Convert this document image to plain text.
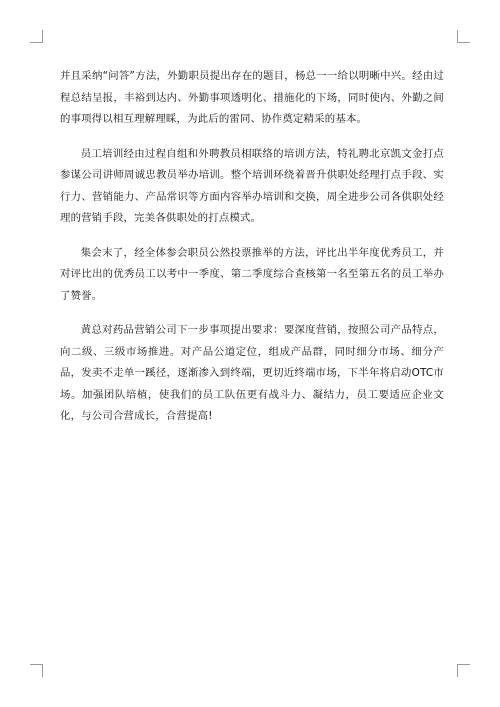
并且采纳“问答”方法，外勤职员提出存在的题目，杨总一一给以明晰中兴。经由过程总结呈报，丰裕到达内、外勤事项透明化、措施化的下场，同时使内、外勤之间的事项得以相互理解理睬，为此后的雷同、协作奠定精采的基本。

员工培训经由过程自组和外聘教员相联络的培训方法，特礼聘北京凯文金打点参谋公司讲师周诚忠教员举办培训。整个培训环绕着晋升供职处经理打点手段、实行力、营销能力、产品常识等方面内容举办培训和交换，周全进步公司各供职处经理的营销手段，完美各供职处的打点模式。

集会末了，经全体参会职员公然投票推举的方法，评比出半年度优秀员工，并对评比出的优秀员工以考中一季度、第二季度综合查核第一名至第五名的员工举办了赞誉。

黄总对药品营销公司下一步事项提出要求：要深度营销，按照公司产品特点，向二级、三级市场推进。对产品公道定位，组成产品群，同时细分市场、细分产品，发卖不走单一蹊径，逐渐渗入到终端，更切近终端市场，下半年将启动OTC市场。加强团队培植，使我们的员工队伍更有战斗力、凝结力，员工要适应企业文化，与公司合营成长，合营提高!
